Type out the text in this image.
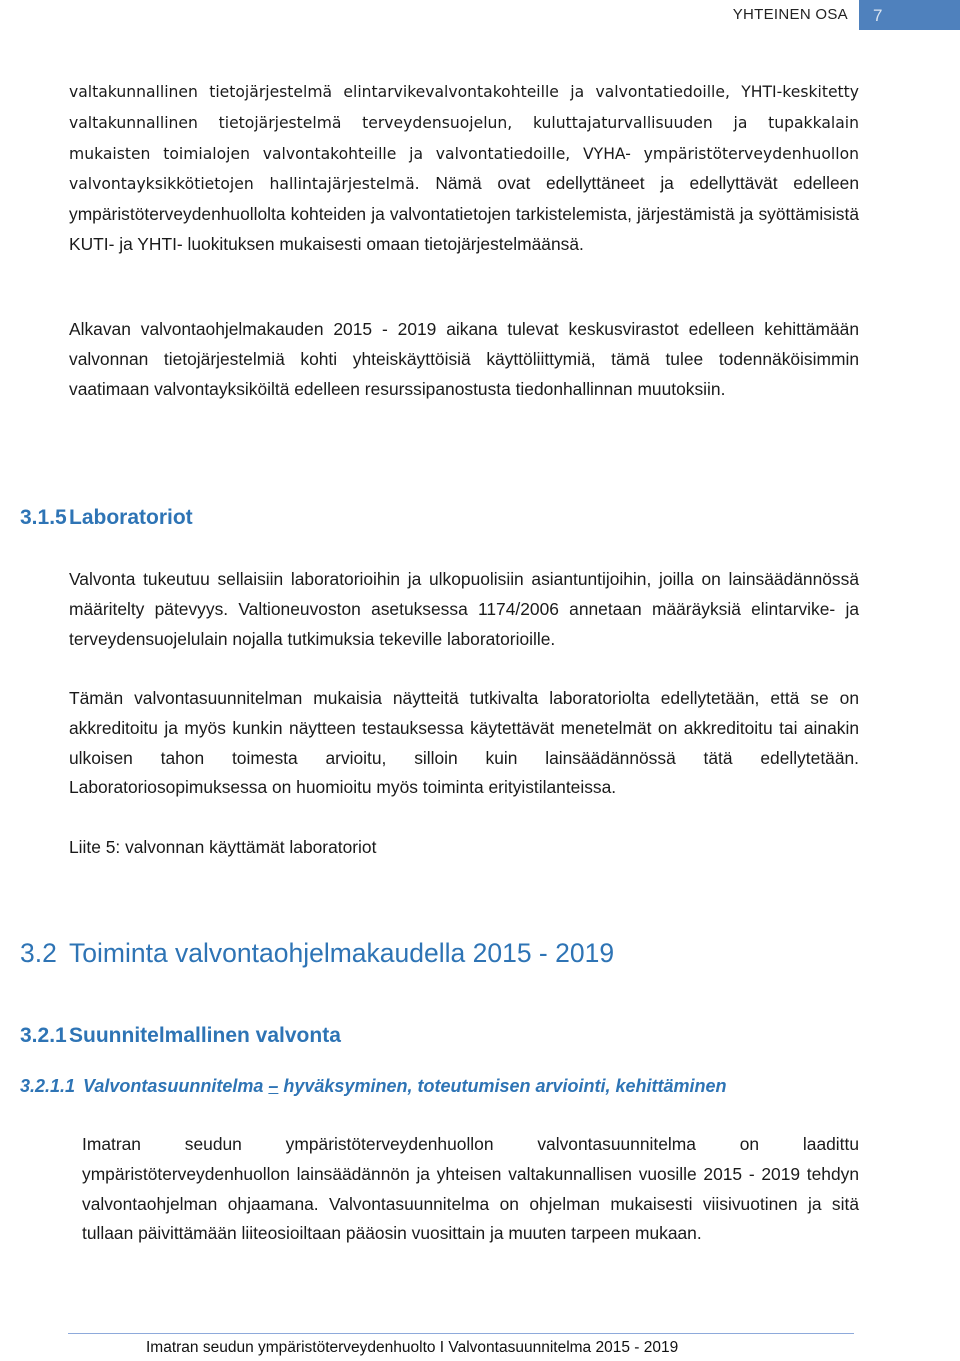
YHTEINEN OSA 7

valtakunnallinen tietojärjestelmä elintarvikevalvontakohteille ja valvontatiedoille, YHTI-keskitetty valtakunnallinen tietojärjestelmä terveydensuojelun, kuluttajaturvallisuuden ja tupakkalain mukaisten toimialojen valvontakohteille ja valvontatiedoille, VYHA- ympäristöterveydenhuollon valvontayksikkötietojen hallintajärjestelmä. Nämä ovat edellyttäneet ja edellyttävät edelleen ympäristöterveydenhuollolta kohteiden ja valvontatietojen tarkistelemista, järjestämistä ja syöttämisistä KUTI- ja YHTI- luokituksen mukaisesti omaan tietojärjestelmäänsä.

Alkavan valvontaohjelmakauden 2015 - 2019 aikana tulevat keskusvirastot edelleen kehittämään valvonnan tietojärjestelmiä kohti yhteiskäyttöisiä käyttöliittymiä, tämä tulee todennäköisimmin vaatimaan valvontayksiköiltä edelleen resurssipanostusta tiedonhallinnan muutoksiin.

3.1.5 Laboratoriot

Valvonta tukeutuu sellaisiin laboratorioihin ja ulkopuolisiin asiantuntijoihin, joilla on lainsäädännössä määritelty pätevyys. Valtioneuvoston asetuksessa 1174/2006 annetaan määräyksiä elintarvike- ja terveydensuojelulain nojalla tutkimuksia tekeville laboratorioille.

Tämän valvontasuunnitelman mukaisia näytteitä tutkivalta laboratoriolta edellytetään, että se on akkreditoitu ja myös kunkin näytteen testauksessa käytettävät menetelmät on akkreditoitu tai ainakin ulkoisen tahon toimesta arvioitu, silloin kuin lainsäädännössä tätä edellytetään. Laboratoriosopimuksessa on huomioitu myös toiminta erityistilanteissa.

Liite 5: valvonnan käyttämät laboratoriot

3.2 Toiminta valvontaohjelmakaudella 2015 - 2019
3.2.1 Suunnitelmallinen valvonta
3.2.1.1 Valvontasuunnitelma – hyväksyminen, toteutumisen arviointi, kehittäminen

Imatran seudun ympäristöterveydenhuollon valvontasuunnitelma on laadittu ympäristöterveydenhuollon lainsäädännön ja yhteisen valtakunnallisen vuosille 2015 - 2019 tehdyn valvontaohjelman ohjaamana. Valvontasuunnitelma on ohjelman mukaisesti viisivuotinen ja sitä tullaan päivittämään liiteosioiltaan pääosin vuosittain ja muuten tarpeen mukaan.

Imatran seudun ympäristöterveydenhuolto I Valvontasuunnitelma 2015 - 2019
